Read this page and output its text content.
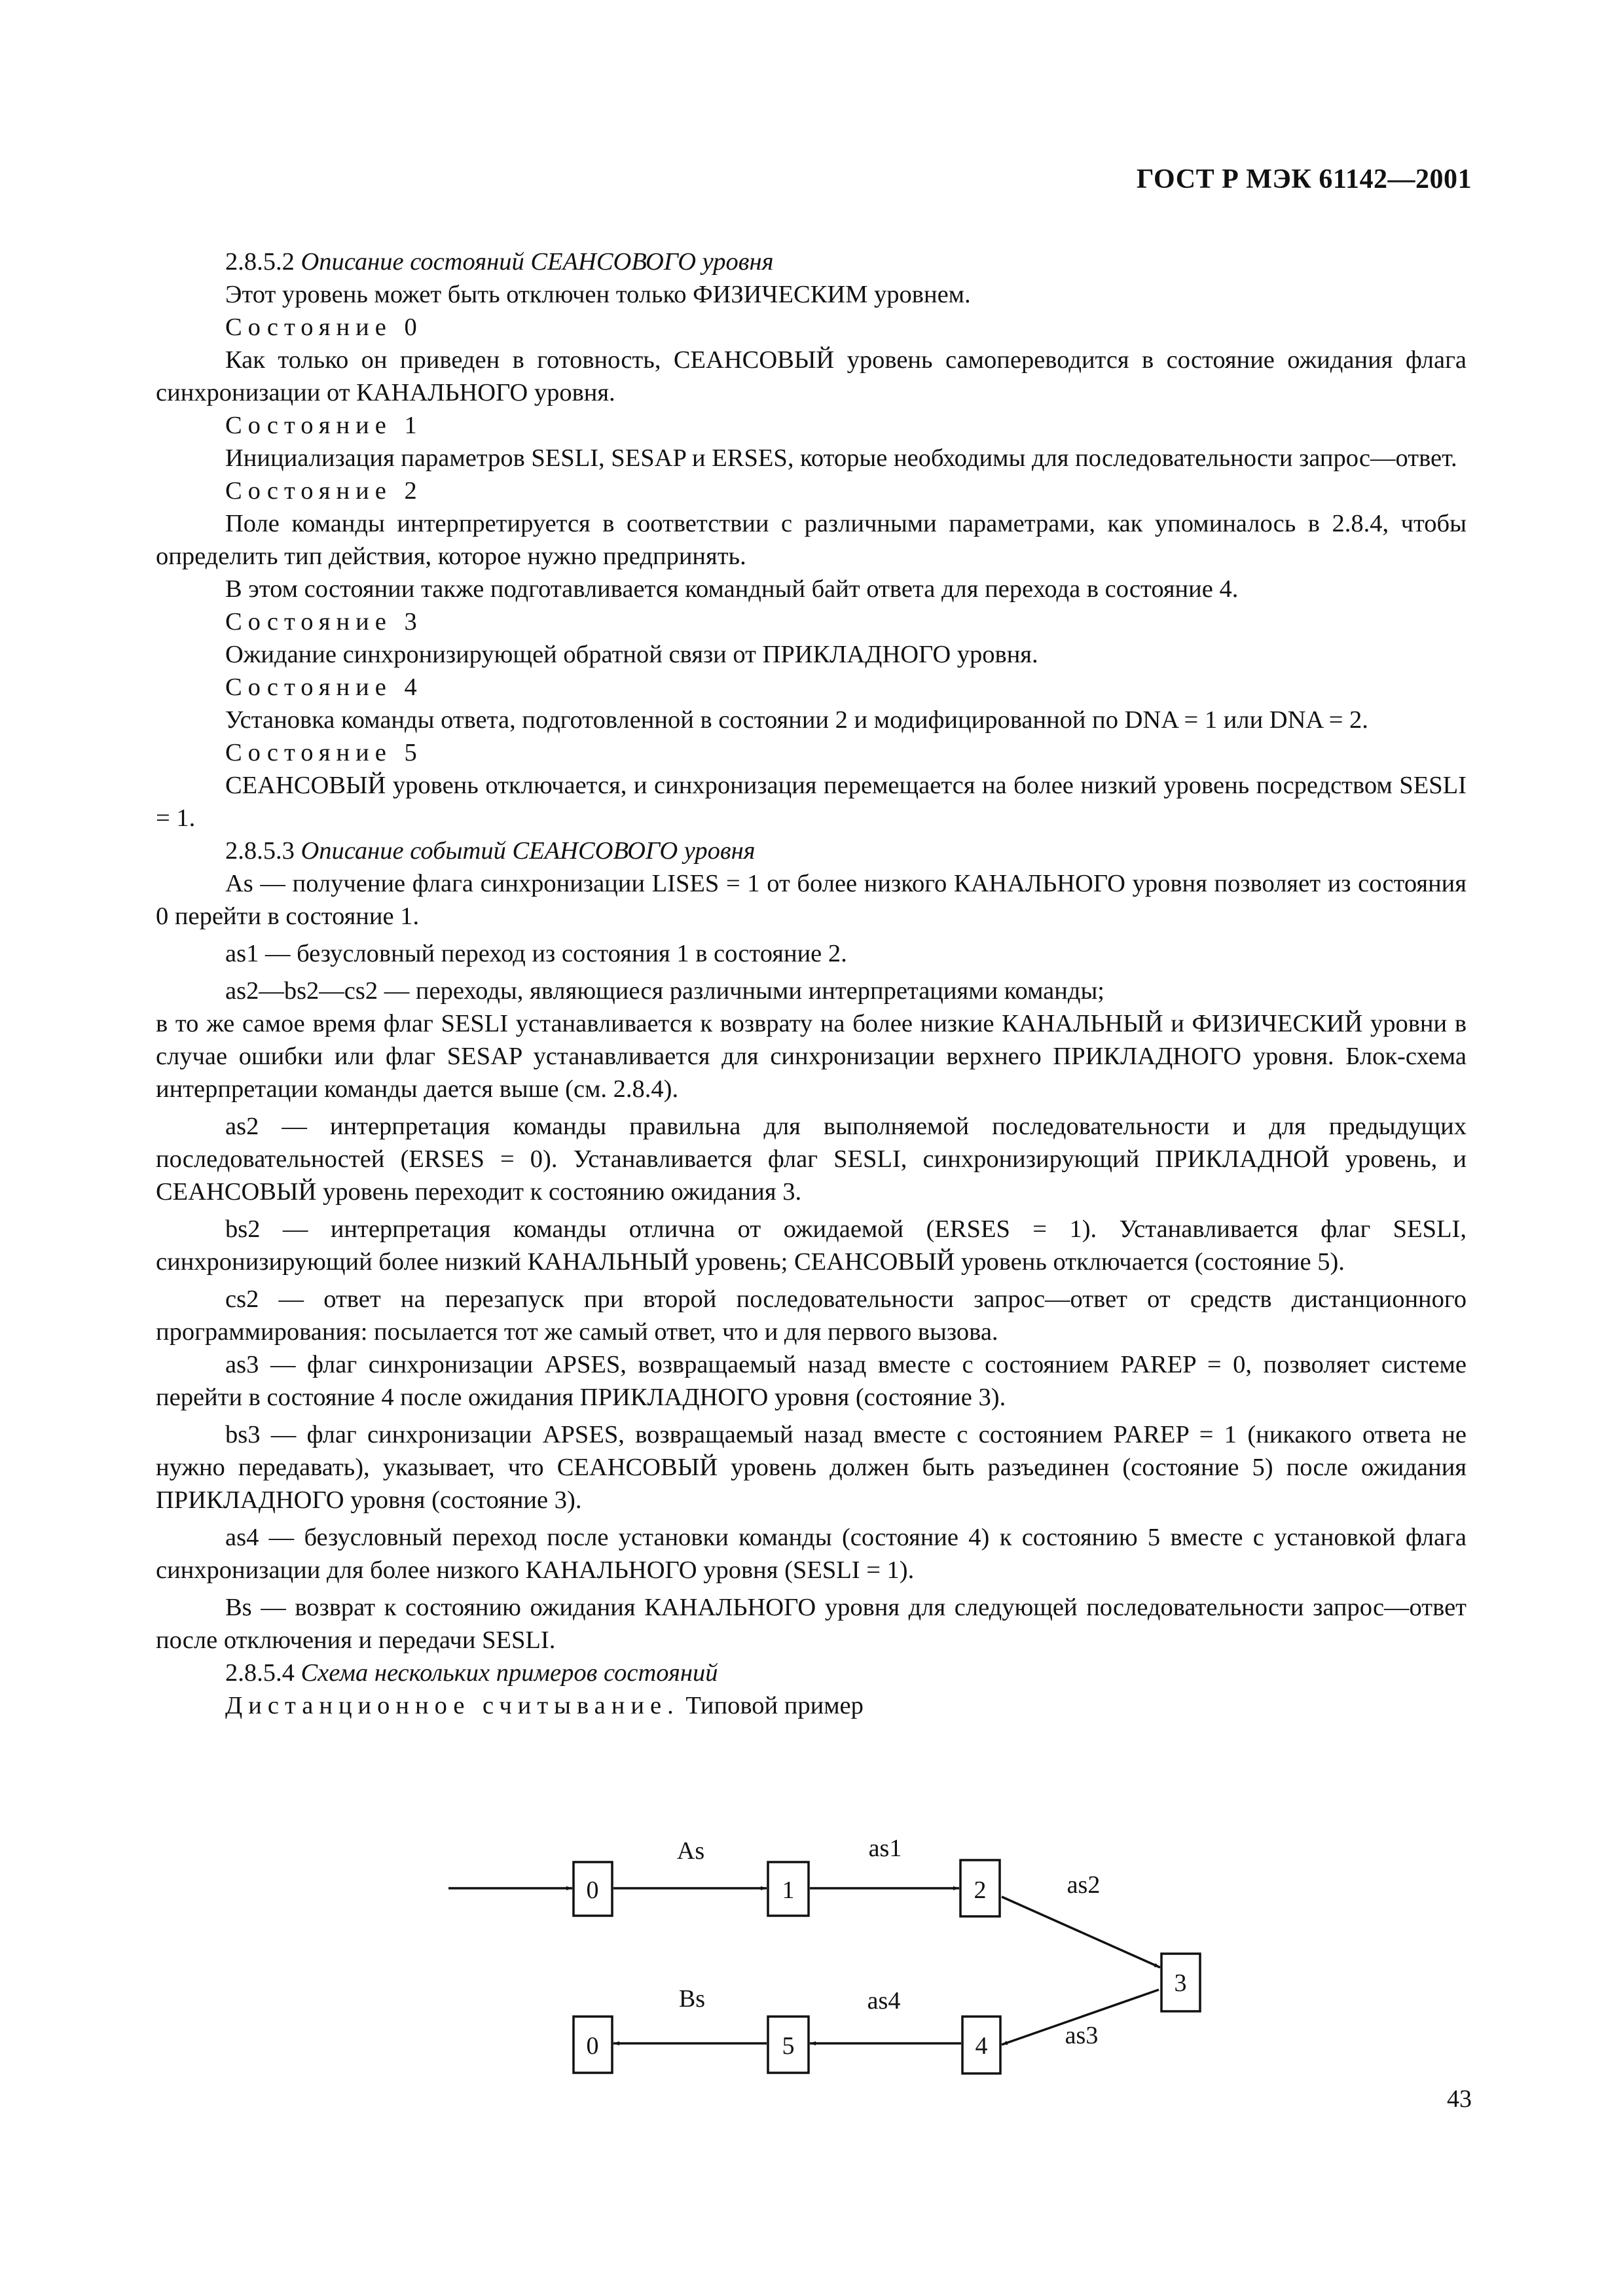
ГОСТ Р МЭК 61142—2001

2.8.5.2 Описание состояний СЕАНСОВОГО уровня

Этот уровень может быть отключен только ФИЗИЧЕСКИМ уровнем.

Состояние 0

Как только он приведен в готовность, СЕАНСОВЫЙ уровень самопереводится в состояние ожидания флага синхронизации от КАНАЛЬНОГО уровня.

Состояние 1

Инициализация параметров SESLI, SESAP и ERSES, которые необходимы для последовательности запрос—ответ.

Состояние 2

Поле команды интерпретируется в соответствии с различными параметрами, как упоминалось в 2.8.4, чтобы определить тип действия, которое нужно предпринять.

В этом состоянии также подготавливается командный байт ответа для перехода в состояние 4.

Состояние 3

Ожидание синхронизирующей обратной связи от ПРИКЛАДНОГО уровня.

Состояние 4

Установка команды ответа, подготовленной в состоянии 2 и модифицированной по DNA = 1 или DNA = 2.

Состояние 5

СЕАНСОВЫЙ уровень отключается, и синхронизация перемещается на более низкий уровень посредством SESLI = 1.

2.8.5.3 Описание событий СЕАНСОВОГО уровня

As — получение флага синхронизации LISES = 1 от более низкого КАНАЛЬНОГО уровня позволяет из состояния 0 перейти в состояние 1.

as1 — безусловный переход из состояния 1 в состояние 2.

as2—bs2—cs2 — переходы, являющиеся различными интерпретациями команды;

в то же самое время флаг SESLI устанавливается к возврату на более низкие КАНАЛЬНЫЙ и ФИЗИЧЕСКИЙ уровни в случае ошибки или флаг SESAP устанавливается для синхронизации верхнего ПРИКЛАДНОГО уровня. Блок-схема интерпретации команды дается выше (см. 2.8.4).

as2 — интерпретация команды правильна для выполняемой последовательности и для предыдущих последовательностей (ERSES = 0). Устанавливается флаг SESLI, синхронизирующий ПРИКЛАДНОЙ уровень, и СЕАНСОВЫЙ уровень переходит к состоянию ожидания 3.

bs2 — интерпретация команды отлична от ожидаемой (ERSES = 1). Устанавливается флаг SESLI, синхронизирующий более низкий КАНАЛЬНЫЙ уровень; СЕАНСОВЫЙ уровень отключается (состояние 5).

cs2 — ответ на перезапуск при второй последовательности запрос—ответ от средств дистанционного программирования: посылается тот же самый ответ, что и для первого вызова.

as3 — флаг синхронизации APSES, возвращаемый назад вместе с состоянием PAREP = 0, позволяет системе перейти в состояние 4 после ожидания ПРИКЛАДНОГО уровня (состояние 3).

bs3 — флаг синхронизации APSES, возвращаемый назад вместе с состоянием PAREP = 1 (никакого ответа не нужно передавать), указывает, что СЕАНСОВЫЙ уровень должен быть разъединен (состояние 5) после ожидания ПРИКЛАДНОГО уровня (состояние 3).

as4 — безусловный переход после установки команды (состояние 4) к состоянию 5 вместе с установкой флага синхронизации для более низкого КАНАЛЬНОГО уровня (SESLI = 1).

Bs — возврат к состоянию ожидания КАНАЛЬНОГО уровня для следующей последовательности запрос—ответ после отключения и передачи SESLI.

2.8.5.4 Схема нескольких примеров состояний

Дистанционное считывание. Типовой пример

0	1	2
3
4
5
0
As	as1
as2
as3
as4
Bs
43
